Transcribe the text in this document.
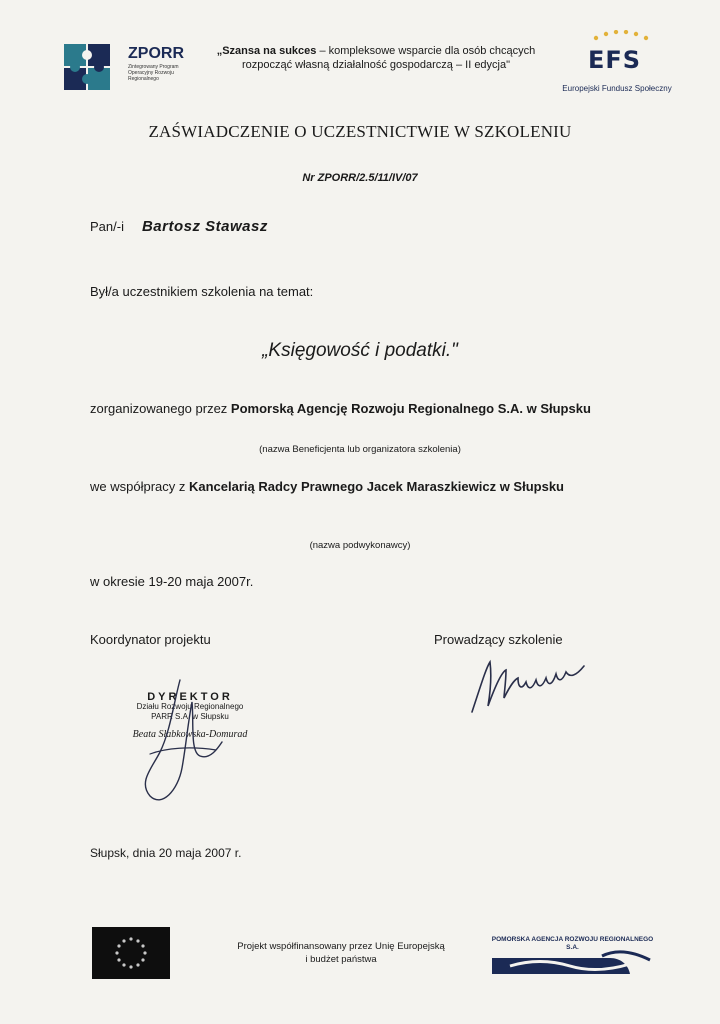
ZPORR
Zintegrowany Program Operacyjny Rozwoju Regionalnego
„Szansa na sukces – kompleksowe wsparcie dla osób chcących rozpocząć własną działalność gospodarczą – II edycja"	EFS
Europejski Fundusz Społeczny
ZAŚWIADCZENIE O UCZESTNICTWIE W SZKOLENIU
Nr ZPORR/2.5/11/IV/07
Pan/-i Bartosz Stawasz
Był/a uczestnikiem szkolenia na temat:
„Księgowość i podatki."
zorganizowanego przez Pomorską Agencję Rozwoju Regionalnego S.A. w Słupsku
(nazwa Beneficjenta lub organizatora szkolenia)
we współpracy z Kancelarią Radcy Prawnego Jacek Maraszkiewicz w Słupsku
(nazwa podwykonawcy)
w okresie 19-20 maja 2007r.
Koordynator projektu	Prowadzący szkolenie
DYREKTOR
Działu Rozwoju Regionalnego
PARR S.A. w Słupsku
Beata Słabkowska-Domurad
Słupsk, dnia 20 maja 2007 r.
Projekt współfinansowany przez Unię Europejską i budżet państwa
POMORSKA AGENCJA ROZWOJU REGIONALNEGO S.A.
